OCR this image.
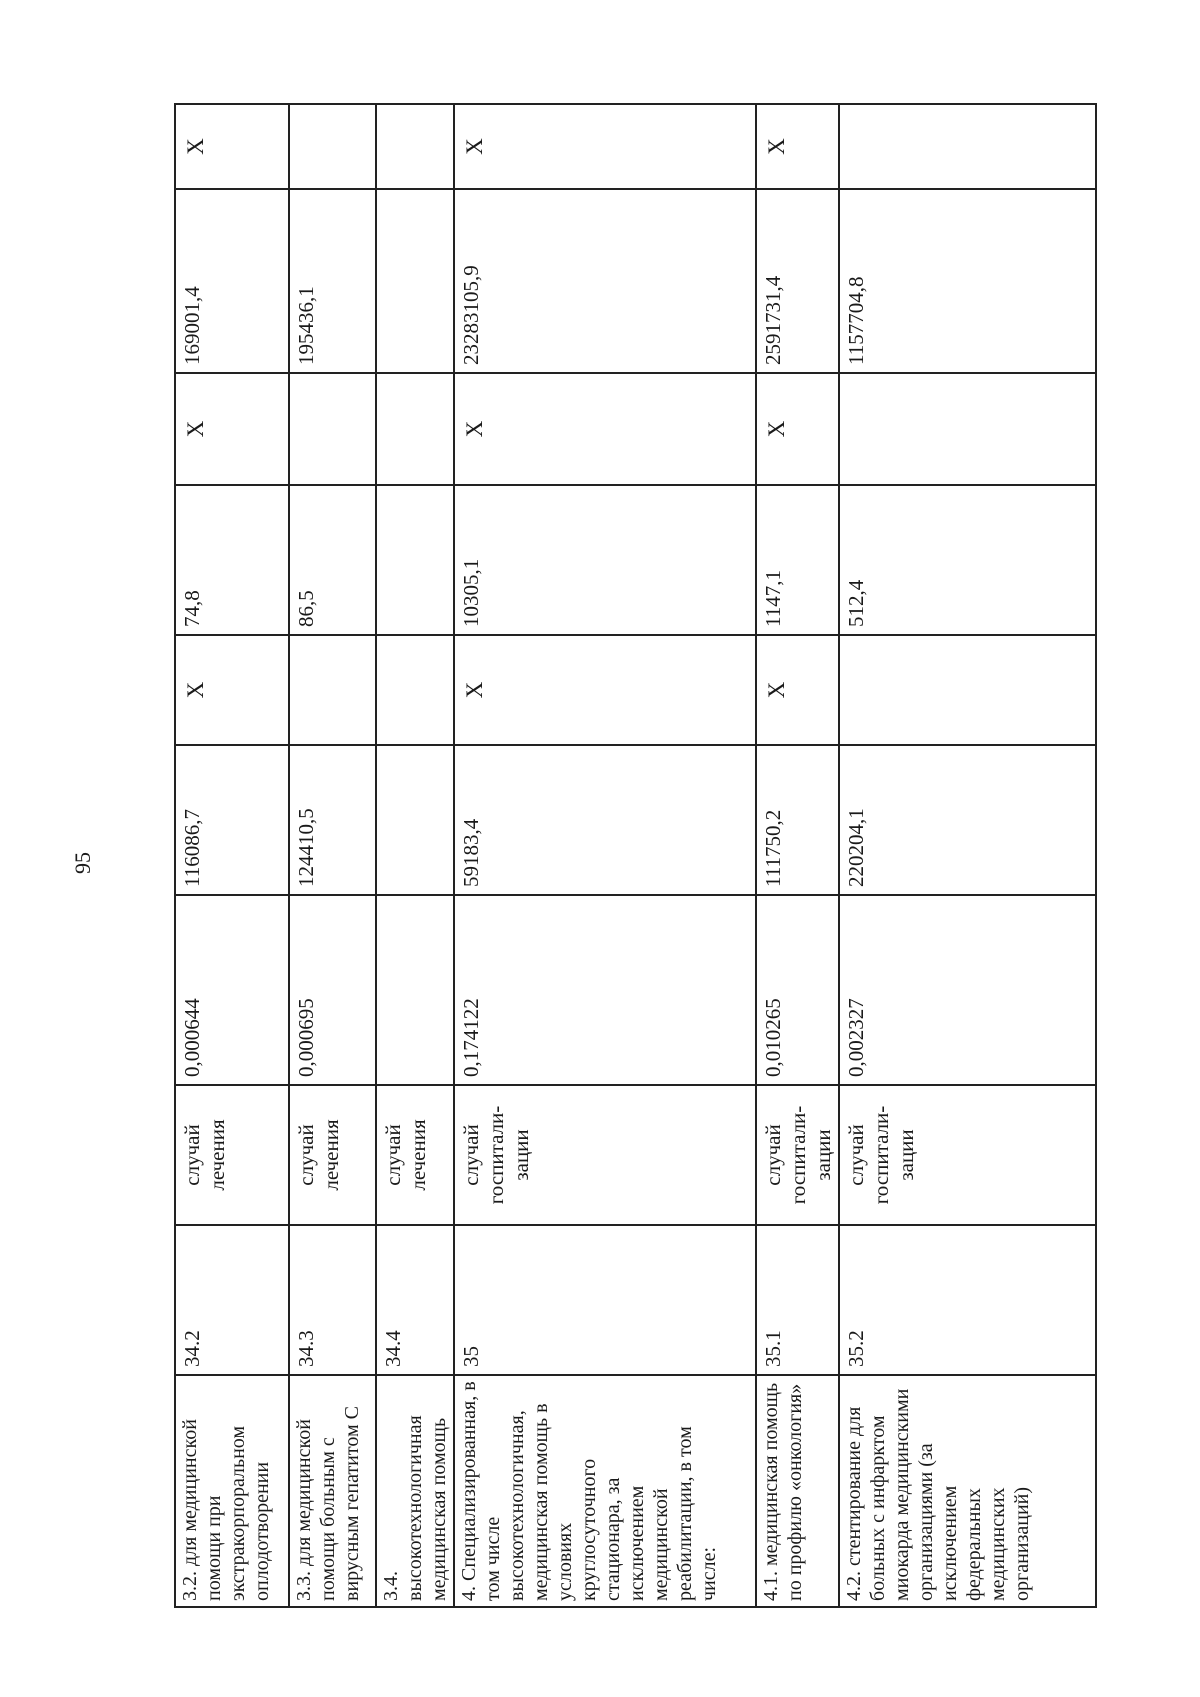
95
3.2. для медицинской помощи при экстракорпоральном оплодотворении	34.2	случай лечения	0,000644	116086,7	X	74,8	X	169001,4	X

3.3. для медицинской помощи больным с вирусным гепатитом С	34.3	случай лечения	0,000695	124410,5		86,5		195436,1	

3.4. высокотехнологичная медицинская помощь	34.4	случай лечения			

4. Специализированная, в том числе высокотехнологичная, медицинская помощь в условиях круглосуточного стационара, за исключением медицинской реабилитации, в том числе:	35	случай госпитали-зации	0,174122	59183,4	X	10305,1	X	23283105,9	X

4.1. медицинская помощь по профилю «онкология»	35.1	случай госпитали-зации	0,010265	111750,2	X	1147,1	X	2591731,4	X

4.2. стентирование для больных с инфарктом миокарда медицинскими организациями (за исключением федеральных медицинских организаций)	35.2	случай госпитали-зации	0,002327	220204,1		512,4		1157704,8	
